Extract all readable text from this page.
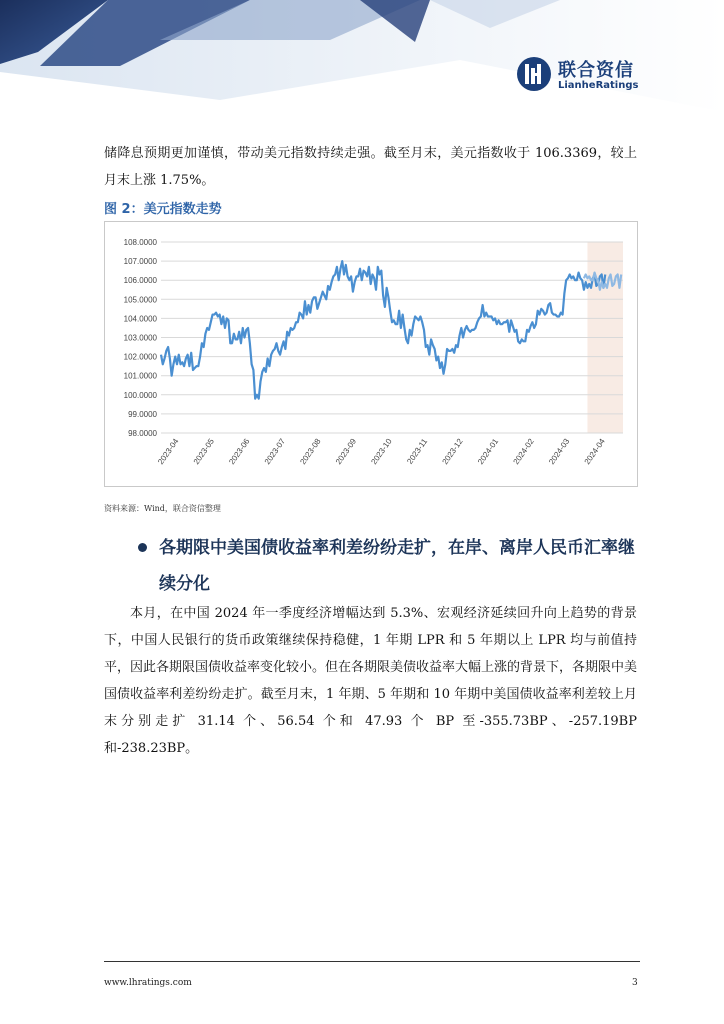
联合资信
LianheRatings

储降息预期更加谨慎，带动美元指数持续走强。截至月末，美元指数收于 106.3369，较上月末上涨 1.75%。

图 2：美元指数走势
108.0000
107.0000
106.0000
105.0000
104.0000
103.0000
102.0000
101.0000
100.0000
99.0000
98.0000
2023-04 2023-05 2023-06 2023-07 2023-08 2023-09 2023-10 2023-11 2023-12 2024-01 2024-02 2024-03 2024-04
资料来源：Wind，联合资信整理
各期限中美国债收益率利差纷纷走扩，在岸、离岸人民币汇率继续分化

本月，在中国 2024 年一季度经济增幅达到 5.3%、宏观经济延续回升向上趋势的背景下，中国人民银行的货币政策继续保持稳健，1 年期 LPR 和 5 年期以上 LPR 均与前值持平，因此各期限国债收益率变化较小。但在各期限美债收益率大幅上涨的背景下，各期限中美国债收益率利差纷纷走扩。截至月末，1 年期、5 年期和 10 年期中美国债收益率利差较上月末分别走扩 31.14 个、56.54 个和 47.93 个 BP 至-355.73BP、-257.19BP 和-238.23BP。

www.lhratings.com	3
